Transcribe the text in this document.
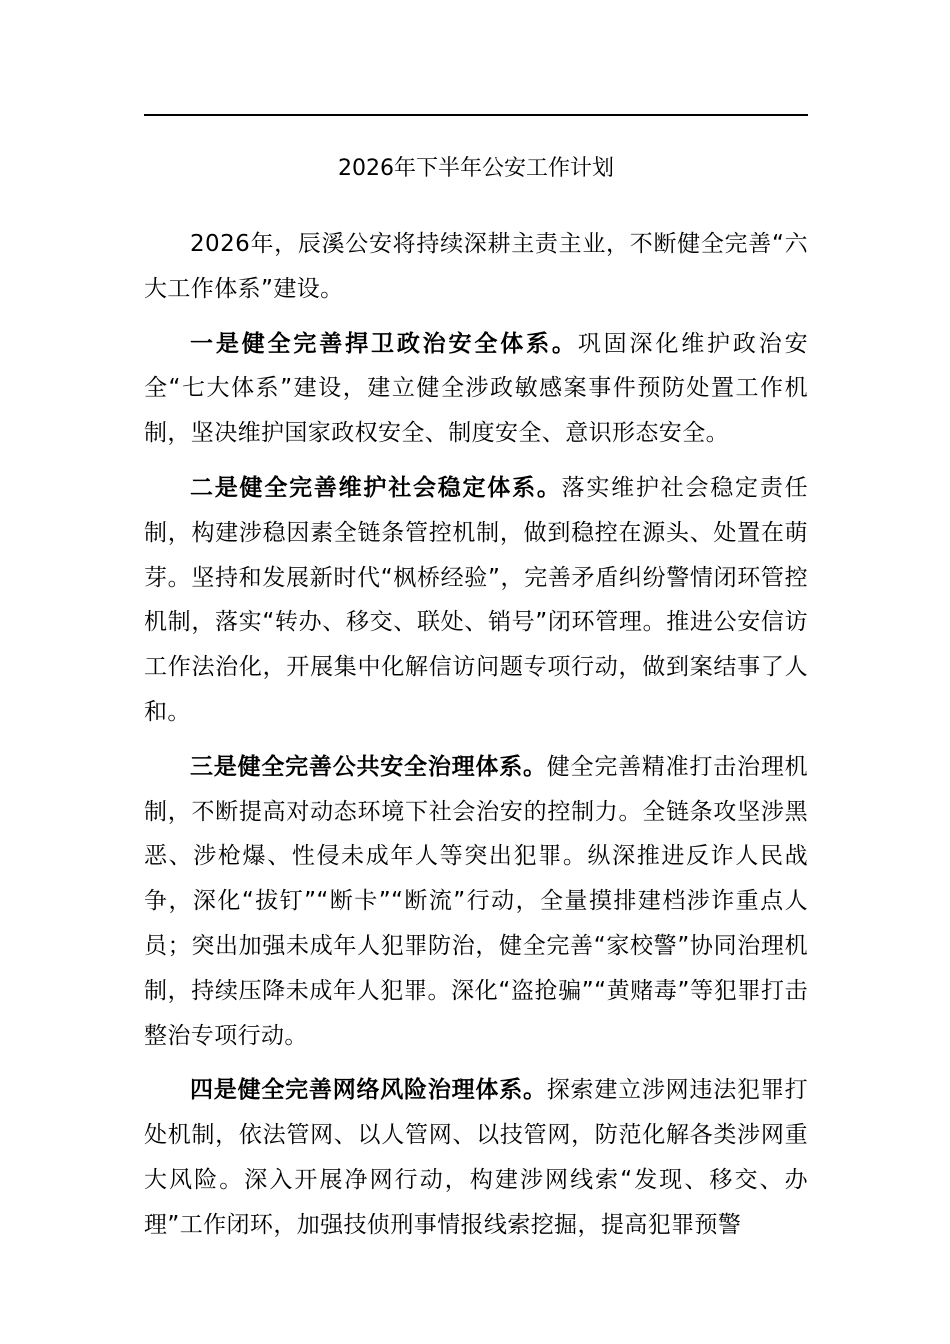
2026年下半年公安工作计划

2026年，辰溪公安将持续深耕主责主业，不断健全完善“六大工作体系”建设。

一是健全完善捍卫政治安全体系。巩固深化维护政治安全“七大体系”建设，建立健全涉政敏感案事件预防处置工作机制，坚决维护国家政权安全、制度安全、意识形态安全。

二是健全完善维护社会稳定体系。落实维护社会稳定责任制，构建涉稳因素全链条管控机制，做到稳控在源头、处置在萌芽。坚持和发展新时代“枫桥经验”，完善矛盾纠纷警情闭环管控机制，落实“转办、移交、联处、销号”闭环管理。推进公安信访工作法治化，开展集中化解信访问题专项行动，做到案结事了人和。

三是健全完善公共安全治理体系。健全完善精准打击治理机制，不断提高对动态环境下社会治安的控制力。全链条攻坚涉黑恶、涉枪爆、性侵未成年人等突出犯罪。纵深推进反诈人民战争，深化“拔钉”“断卡”“断流”行动，全量摸排建档涉诈重点人员；突出加强未成年人犯罪防治，健全完善“家校警”协同治理机制，持续压降未成年人犯罪。深化“盗抢骗”“黄赌毒”等犯罪打击整治专项行动。

四是健全完善网络风险治理体系。探索建立涉网违法犯罪打处机制，依法管网、以人管网、以技管网，防范化解各类涉网重大风险。深入开展净网行动，构建涉网线索“发现、移交、办理”工作闭环，加强技侦刑事情报线索挖掘，提高犯罪预警
